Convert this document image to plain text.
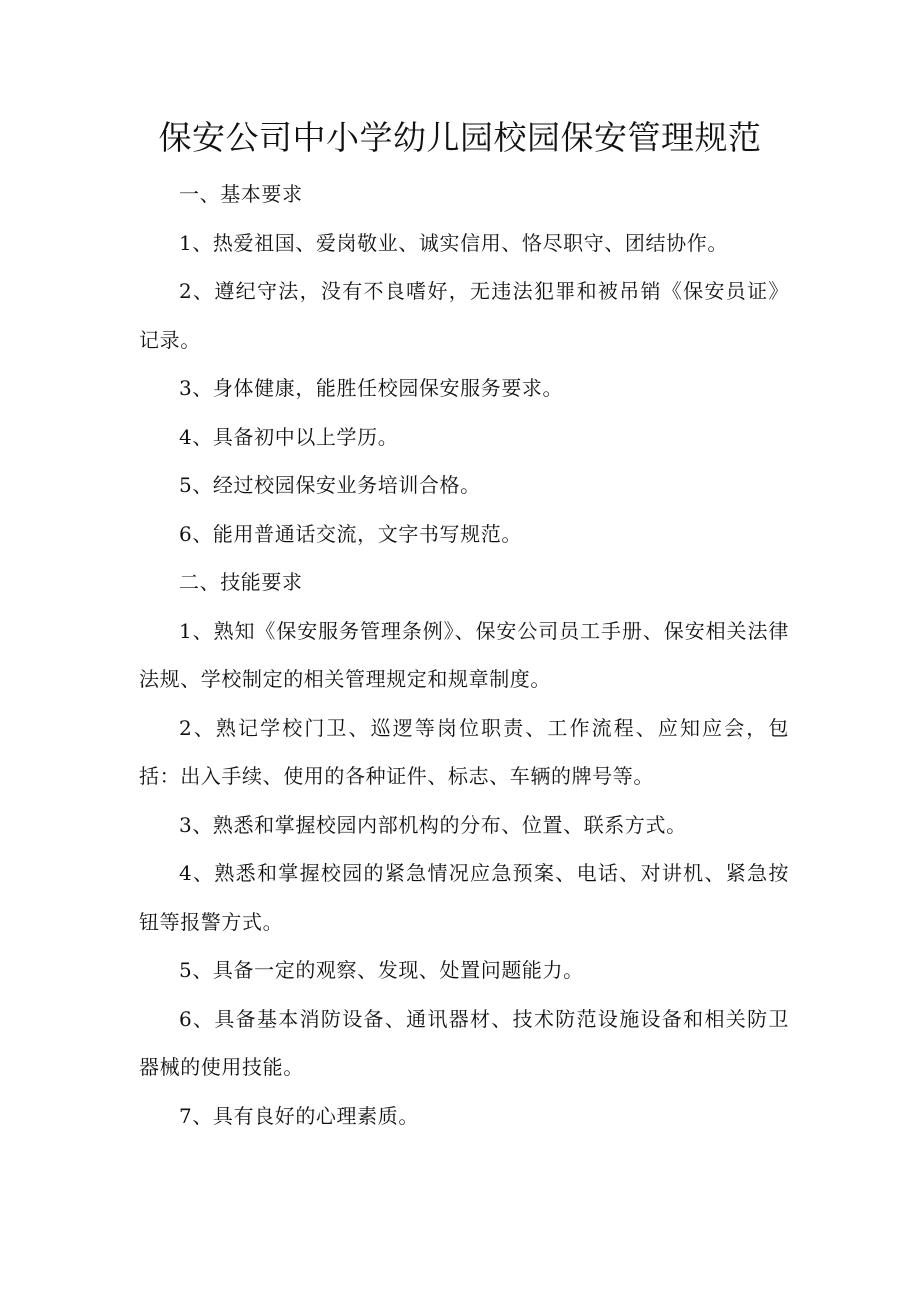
保安公司中小学幼儿园校园保安管理规范

一、基本要求

1、热爱祖国、爱岗敬业、诚实信用、恪尽职守、团结协作。

2、遵纪守法，没有不良嗜好，无违法犯罪和被吊销《保安员证》记录。

3、身体健康，能胜任校园保安服务要求。

4、具备初中以上学历。

5、经过校园保安业务培训合格。

6、能用普通话交流，文字书写规范。

二、技能要求

1、熟知《保安服务管理条例》、保安公司员工手册、保安相关法律法规、学校制定的相关管理规定和规章制度。

2、熟记学校门卫、巡逻等岗位职责、工作流程、应知应会，包括：出入手续、使用的各种证件、标志、车辆的牌号等。

3、熟悉和掌握校园内部机构的分布、位置、联系方式。

4、熟悉和掌握校园的紧急情况应急预案、电话、对讲机、紧急按钮等报警方式。

5、具备一定的观察、发现、处置问题能力。

6、具备基本消防设备、通讯器材、技术防范设施设备和相关防卫器械的使用技能。

7、具有良好的心理素质。
